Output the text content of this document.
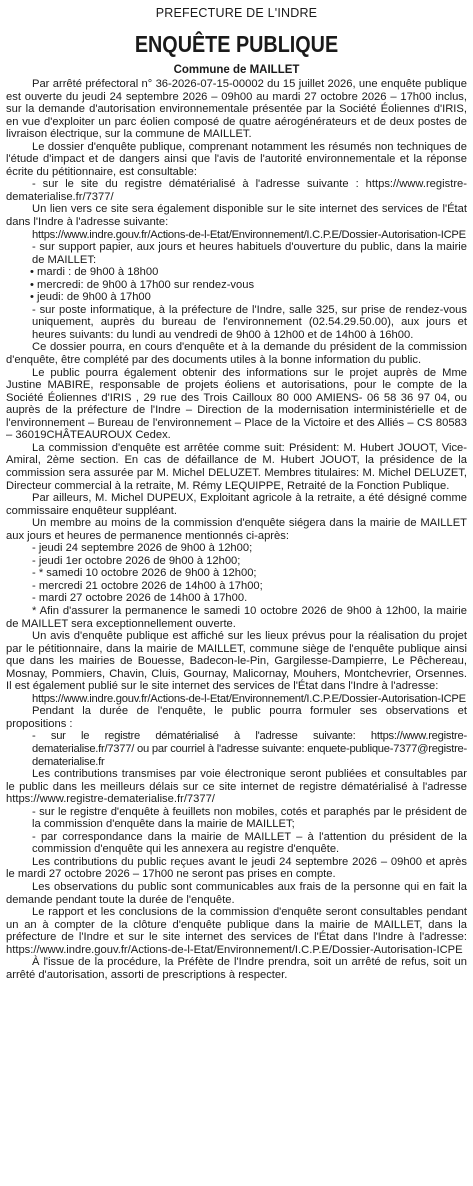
PREFECTURE DE L'INDRE
ENQUÊTE PUBLIQUE
Commune de MAILLET

Par arrêté préfectoral n° 36-2026-07-15-00002 du 15 juillet 2026, une enquête publique est ouverte du jeudi 24 septembre 2026 – 09h00 au mardi 27 octobre 2026 – 17h00 inclus, sur la demande d'autorisation environnementale présentée par la Société Éoliennes d'IRIS, en vue d'exploiter un parc éolien composé de quatre aérogénérateurs et de deux postes de livraison électrique, sur la commune de MAILLET.

Le dossier d'enquête publique, comprenant notamment les résumés non techniques de l'étude d'impact et de dangers ainsi que l'avis de l'autorité environnementale et la réponse écrite du pétitionnaire, est consultable:

- sur le site du registre dématérialisé à l'adresse suivante : https://www.registre-dematerialise.fr/7377/

Un lien vers ce site sera également disponible sur le site internet des services de l'État dans l'Indre à l'adresse suivante:

https://www.indre.gouv.fr/Actions-de-l-Etat/Environnement/I.C.P.E/Dossier-Autorisation-ICPE

- sur support papier, aux jours et heures habituels d'ouverture du public, dans la mairie de MAILLET:

• mardi : de 9h00 à 18h00

• mercredi: de 9h00 à 17h00 sur rendez-vous

• jeudi: de 9h00 à 17h00

- sur poste informatique, à la préfecture de l'Indre, salle 325, sur prise de rendez-vous uniquement, auprès du bureau de l'environnement (02.54.29.50.00), aux jours et heures suivants: du lundi au vendredi de 9h00 à 12h00 et de 14h00 à 16h00.

Ce dossier pourra, en cours d'enquête et à la demande du président de la commission d'enquête, être complété par des documents utiles à la bonne information du public.

Le public pourra également obtenir des informations sur le projet auprès de Mme Justine MABIRE, responsable de projets éoliens et autorisations, pour le compte de la Société Éoliennes d'IRIS , 29 rue des Trois Cailloux 80 000 AMIENS- 06 58 36 97 04, ou auprès de la préfecture de l'Indre – Direction de la modernisation interministérielle et de l'environnement – Bureau de l'environnement – Place de la Victoire et des Alliés – CS 80583 – 36019CHÂTEAUROUX Cedex.

La commission d'enquête est arrêtée comme suit: Président: M. Hubert JOUOT, Vice-Amiral, 2ème section. En cas de défaillance de M. Hubert JOUOT, la présidence de la commission sera assurée par M. Michel DELUZET. Membres titulaires: M. Michel DELUZET, Directeur commercial à la retraite, M. Rémy LEQUIPPE, Retraité de la Fonction Publique.

Par ailleurs, M. Michel DUPEUX, Exploitant agricole à la retraite, a été désigné comme commissaire enquêteur suppléant.

Un membre au moins de la commission d'enquête siégera dans la mairie de MAILLET aux jours et heures de permanence mentionnés ci-après:

- jeudi 24 septembre 2026 de 9h00 à 12h00;

- jeudi 1er octobre 2026 de 9h00 à 12h00;

- * samedi 10 octobre 2026 de 9h00 à 12h00;

- mercredi 21 octobre 2026 de 14h00 à 17h00;

- mardi 27 octobre 2026 de 14h00 à 17h00.

* Afin d'assurer la permanence le samedi 10 octobre 2026 de 9h00 à 12h00, la mairie de MAILLET sera exceptionnellement ouverte.

Un avis d'enquête publique est affiché sur les lieux prévus pour la réalisation du projet par le pétitionnaire, dans la mairie de MAILLET, commune siège de l'enquête publique ainsi que dans les mairies de Bouesse, Badecon-le-Pin, Gargilesse-Dampierre, Le Pêchereau, Mosnay, Pommiers, Chavin, Cluis, Gournay, Malicornay, Mouhers, Montchevrier, Orsennes. Il est également publié sur le site internet des services de l'État dans l'Indre à l'adresse:

https://www.indre.gouv.fr/Actions-de-l-Etat/Environnement/I.C.P.E/Dossier-Autorisation-ICPE

Pendant la durée de l'enquête, le public pourra formuler ses observations et propositions :

- sur le registre dématérialisé à l'adresse suivante: https://www.registre-dematerialise.fr/7377/ ou par courriel à l'adresse suivante: enquete-publique-7377@registre-dematerialise.fr

Les contributions transmises par voie électronique seront publiées et consultables par le public dans les meilleurs délais sur ce site internet de registre dématérialisé à l'adresse https://www.registre-dematerialise.fr/7377/

- sur le registre d'enquête à feuillets non mobiles, cotés et paraphés par le président de la commission d'enquête dans la mairie de MAILLET;

- par correspondance dans la mairie de MAILLET – à l'attention du président de la commission d'enquête qui les annexera au registre d'enquête.

Les contributions du public reçues avant le jeudi 24 septembre 2026 – 09h00 et après le mardi 27 octobre 2026 – 17h00 ne seront pas prises en compte.

Les observations du public sont communicables aux frais de la personne qui en fait la demande pendant toute la durée de l'enquête.

Le rapport et les conclusions de la commission d'enquête seront consultables pendant un an à compter de la clôture d'enquête publique dans la mairie de MAILLET, dans la préfecture de l'Indre et sur le site internet des services de l'État dans l'Indre à l'adresse: https://www.indre.gouv.fr/Actions-de-l-Etat/Environnement/I.C.P.E/Dossier-Autorisation-ICPE

À l'issue de la procédure, la Préfète de l'Indre prendra, soit un arrêté de refus, soit un arrêté d'autorisation, assorti de prescriptions à respecter.
